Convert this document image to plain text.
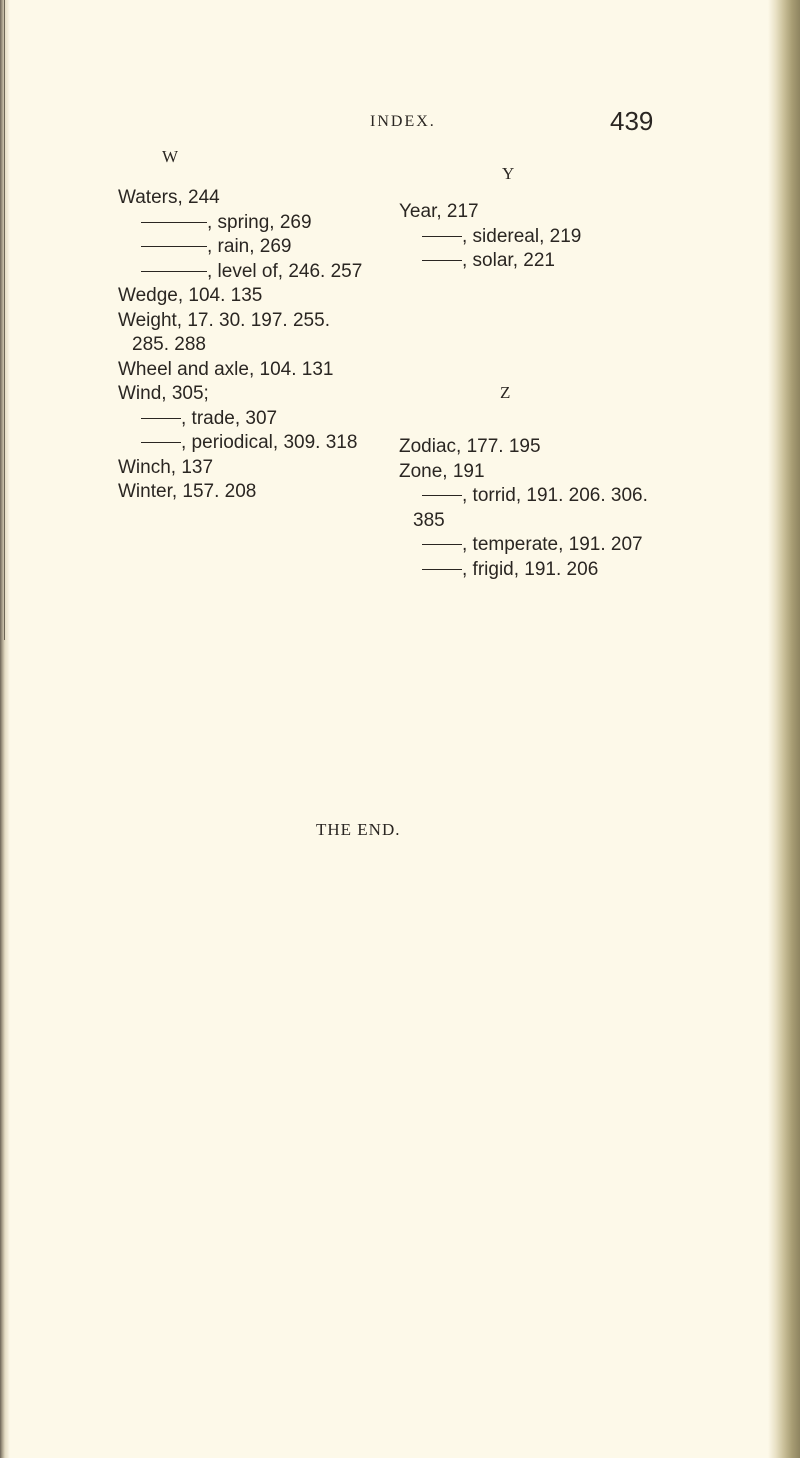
INDEX.	439
W
Waters, 244
, spring, 269
, rain, 269
, level of, 246. 257
Wedge, 104. 135
Weight, 17. 30. 197. 255.
285. 288
Wheel and axle, 104. 131
Wind, 305;
, trade, 307
, periodical, 309. 318
Winch, 137
Winter, 157. 208
Y
Year, 217
, sidereal, 219
, solar, 221
Z
Zodiac, 177. 195
Zone, 191
, torrid, 191. 206. 306.
385
, temperate, 191. 207
, frigid, 191. 206
THE END.
